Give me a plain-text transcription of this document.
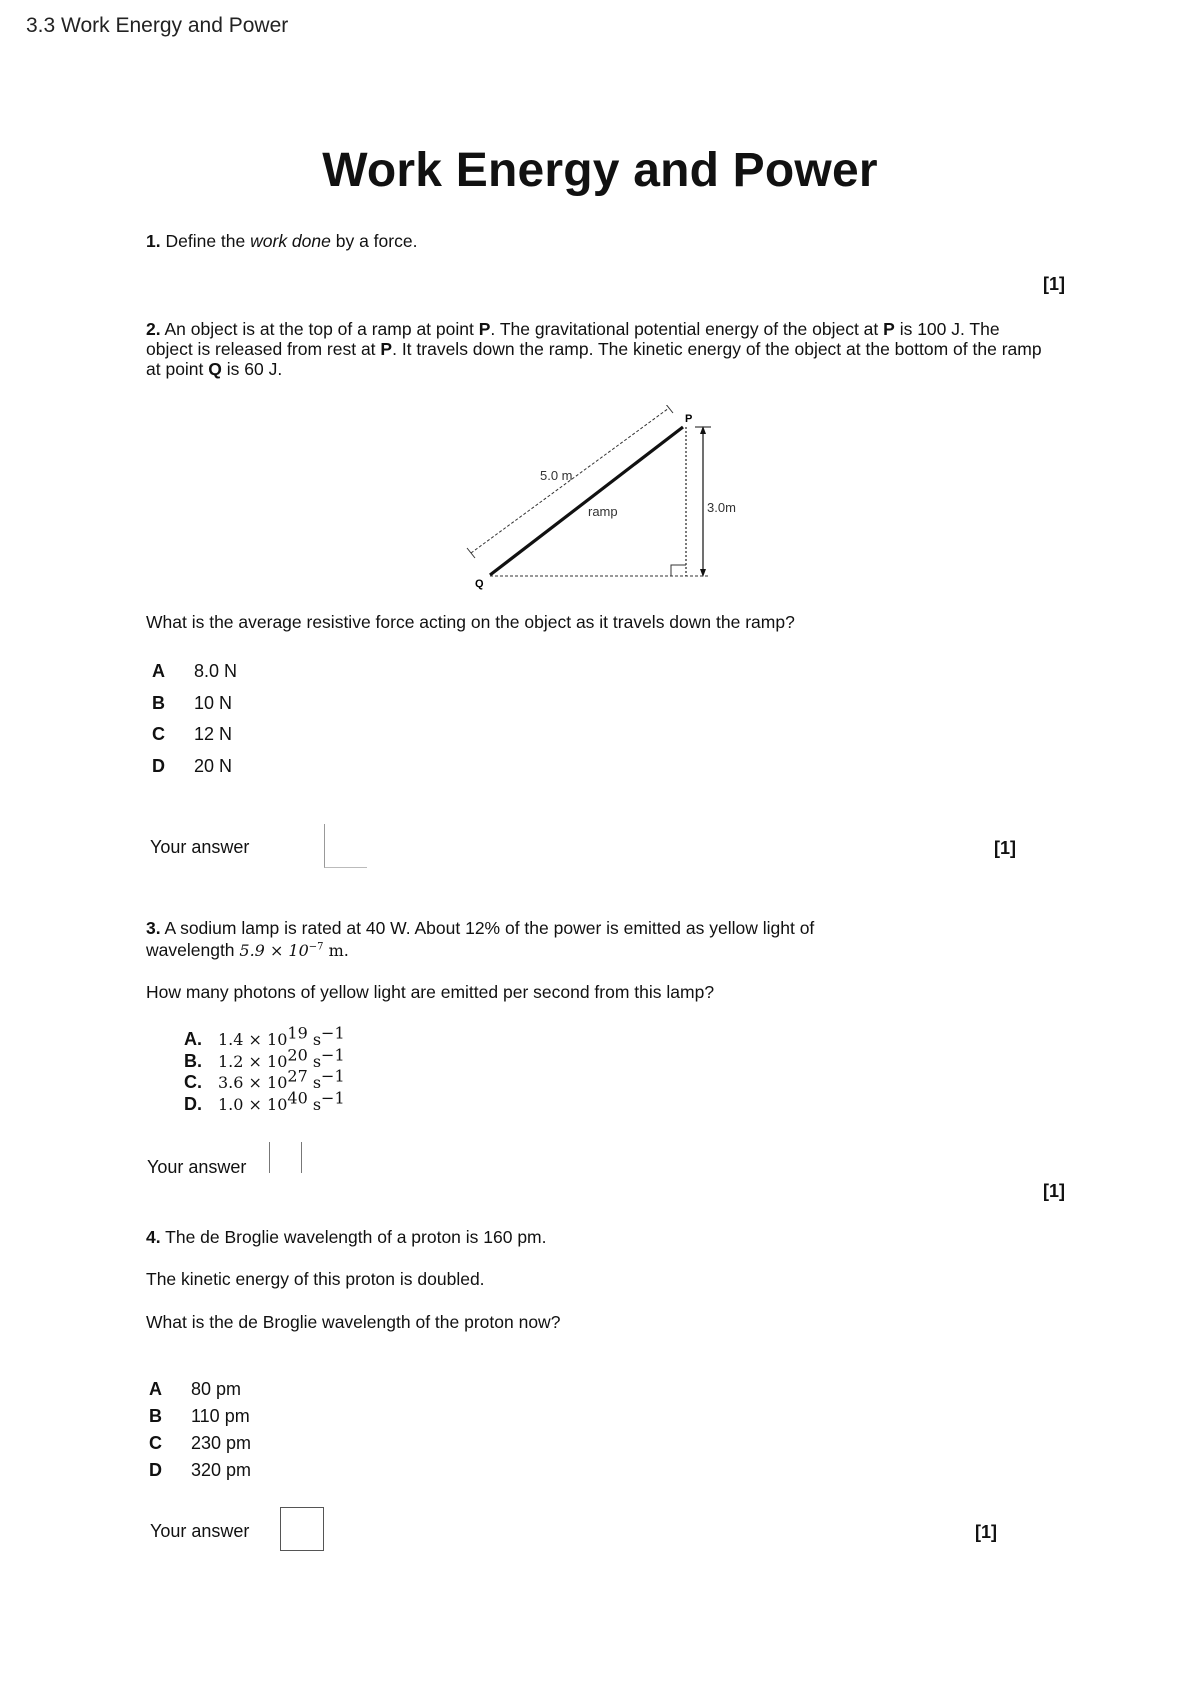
3.3 Work Energy and Power
Work Energy and Power
1. Define the work done by a force.
[1]
2. An object is at the top of a ramp at point P. The gravitational potential energy of the object at P is 100 J. The object is released from rest at P. It travels down the ramp. The kinetic energy of the object at the bottom of the ramp at point Q is 60 J.
P
Q
5.0 m
3.0m
ramp
What is the average resistive force acting on the object as it travels down the ramp?
A 8.0 N
B 10 N
C 12 N
D 20 N
Your answer	[1]
3. A sodium lamp is rated at 40 W. About 12% of the power is emitted as yellow light of
wavelength $5.9 \times 10^{-7}$ m.
How many photons of yellow light are emitted per second from this lamp?
A. $1.4 \times 10^{19}$ $s^{-1}$
B. $1.2 \times 10^{20}$ $s^{-1}$
C. $3.6 \times 10^{27}$ $s^{-1}$
D. $1.0 \times 10^{40}$ $s^{-1}$
Your answer
[1]
4. The de Broglie wavelength of a proton is 160 pm.
The kinetic energy of this proton is doubled.
What is the de Broglie wavelength of the proton now?
A 80 pm
B 110 pm
C 230 pm
D 320 pm
Your answer	[1]
